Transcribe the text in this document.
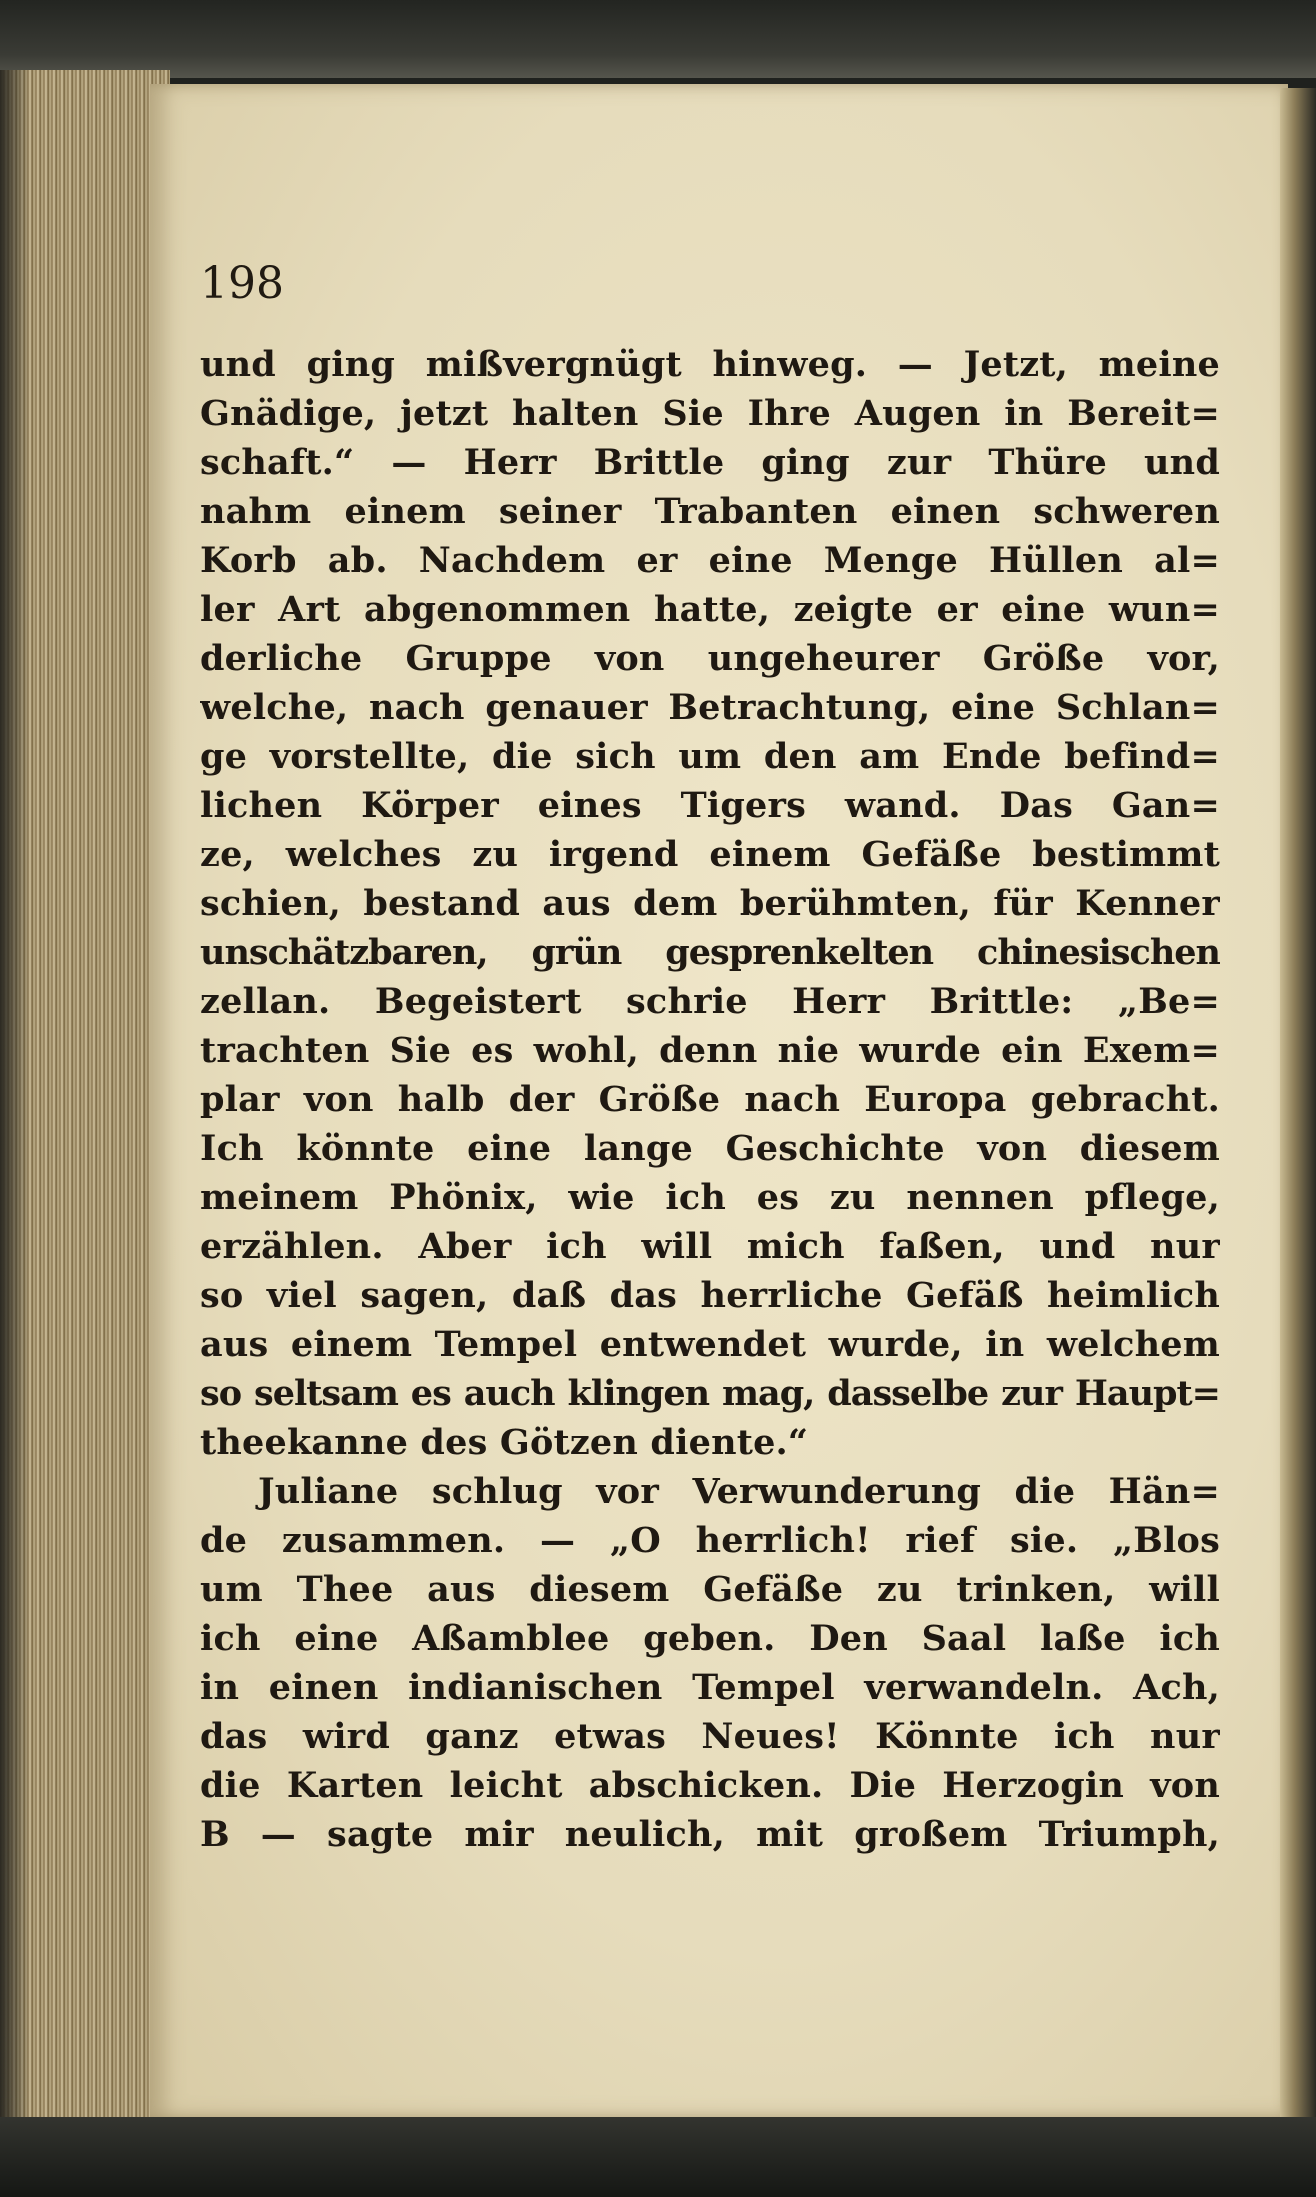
198

und ging mißvergnügt hinweg. — Jetzt, meine
Gnädige, jetzt halten Sie Ihre Augen in Bereit=
schaft.“ — Herr Brittle ging zur Thüre und
nahm einem seiner Trabanten einen schweren
Korb ab. Nachdem er eine Menge Hüllen al=
ler Art abgenommen hatte, zeigte er eine wun=
derliche Gruppe von ungeheurer Größe vor,
welche, nach genauer Betrachtung, eine Schlan=
ge vorstellte, die sich um den am Ende befind=
lichen Körper eines Tigers wand. Das Gan=
ze, welches zu irgend einem Gefäße bestimmt
schien, bestand aus dem berühmten, für Kenner
unschätzbaren, grün gesprenkelten chinesischen
zellan. Begeistert schrie Herr Brittle: „Be=
trachten Sie es wohl, denn nie wurde ein Exem=
plar von halb der Größe nach Europa gebracht.
Ich könnte eine lange Geschichte von diesem
meinem Phönix, wie ich es zu nennen pflege,
erzählen. Aber ich will mich faßen, und nur
so viel sagen, daß das herrliche Gefäß heimlich
aus einem Tempel entwendet wurde, in welchem
so seltsam es auch klingen mag, dasselbe zur Haupt=
theekanne des Götzen diente.“
Juliane schlug vor Verwunderung die Hän=
de zusammen. — „O herrlich! rief sie. „Blos
um Thee aus diesem Gefäße zu trinken, will
ich eine Aßamblee geben. Den Saal laße ich
in einen indianischen Tempel verwandeln. Ach,
das wird ganz etwas Neues! Könnte ich nur
die Karten leicht abschicken. Die Herzogin von
B — sagte mir neulich, mit großem Triumph,
